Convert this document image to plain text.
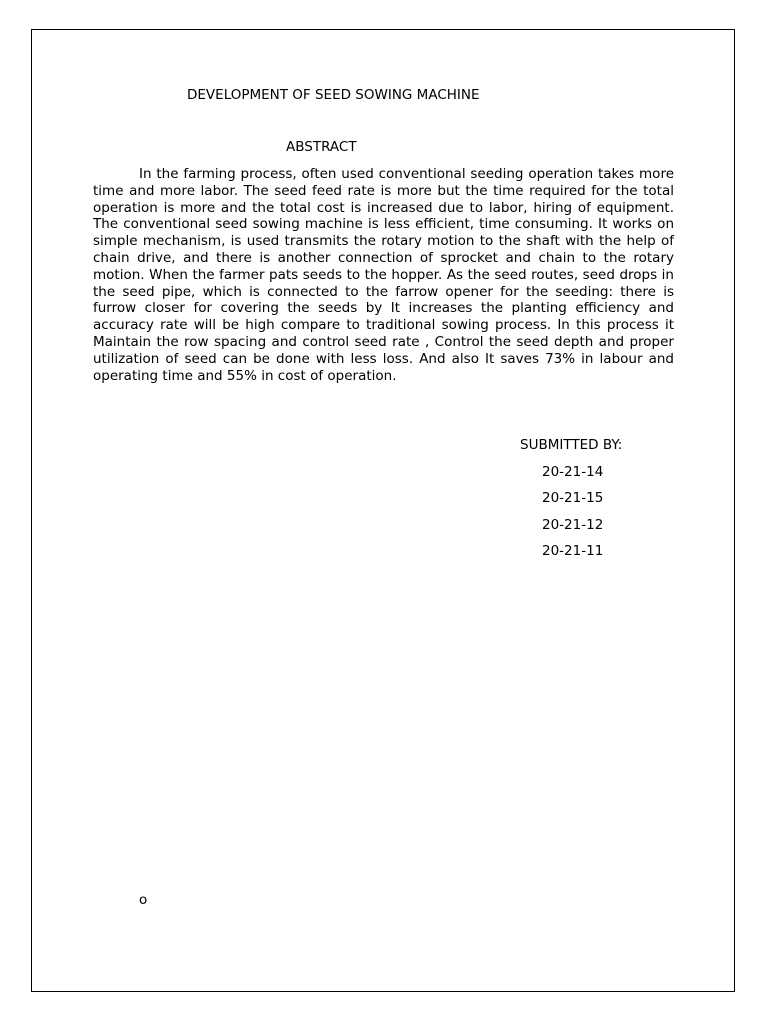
DEVELOPMENT OF SEED SOWING MACHINE
ABSTRACT

In the farming process, often used conventional seeding operation takes more time and more labor. The seed feed rate is more but the time required for the total operation is more and the total cost is increased due to labor, hiring of equipment. The conventional seed sowing machine is less efficient, time consuming. It works on simple mechanism, is used transmits the rotary motion to the shaft with the help of chain drive, and there is another connection of sprocket and chain to the rotary motion. When the farmer pats seeds to the hopper. As the seed routes, seed drops in the seed pipe, which is connected to the farrow opener for the seeding: there is furrow closer for covering the seeds by It increases the planting efficiency and accuracy rate will be high compare to traditional sowing process. In this process it Maintain the row spacing and control seed rate , Control the seed depth and proper utilization of seed can be done with less loss. And also It saves 73% in labour and operating time and 55% in cost of operation.

SUBMITTED BY:
20-21-14
20-21-15
20-21-12
20-21-11
o
